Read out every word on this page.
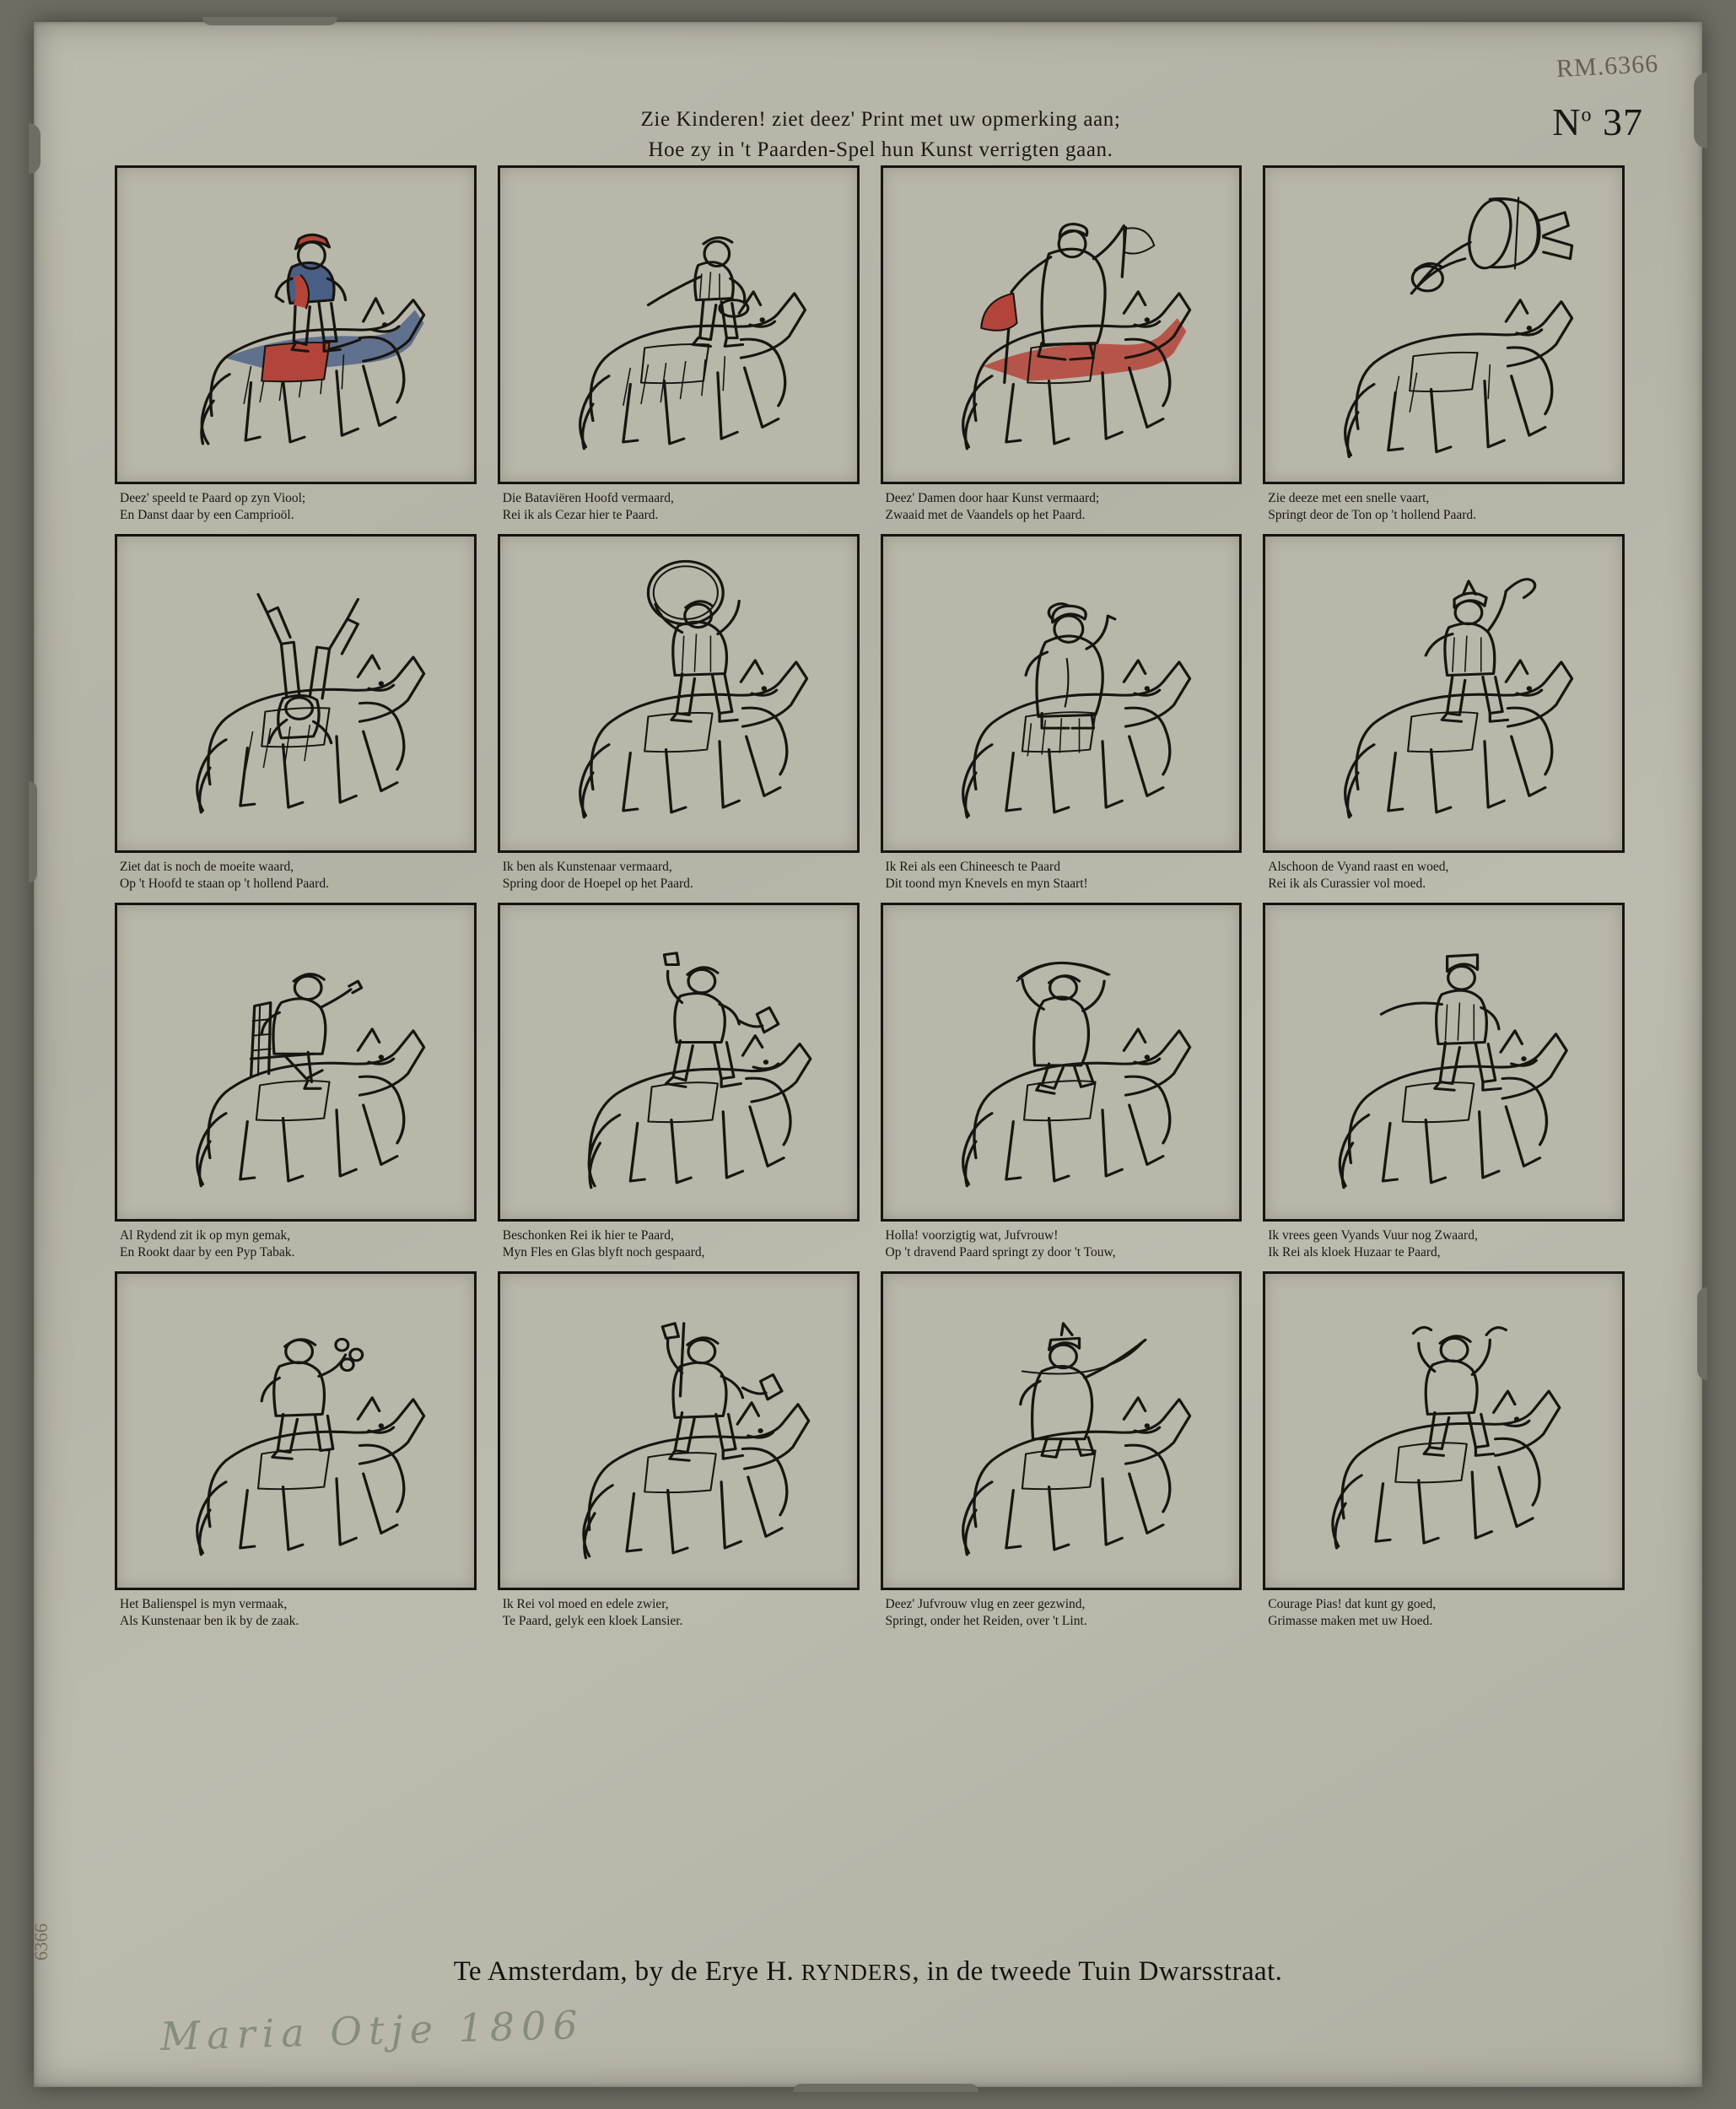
RM.6366
$N^o$ 37
Zie Kinderen! ziet deez' Print met uw opmerking aan;
Hoe zy in 't Paarden-Spel hun Kunst verrigten gaan.
Deez' speeld te Paard op zyn Viool;
En Danst daar by een Camprioöl.
Die Bataviëren Hoofd vermaard,
Rei ik als Cezar hier te Paard.
Deez' Damen door haar Kunst vermaard;
Zwaaid met de Vaandels op het Paard.
Zie deeze met een snelle vaart,
Springt deor de Ton op 't hollend Paard.
Ziet dat is noch de moeite waard,
Op 't Hoofd te staan op 't hollend Paard.
Ik ben als Kunstenaar vermaard,
Spring door de Hoepel op het Paard.
Ik Rei als een Chineesch te Paard
Dit toond myn Knevels en myn Staart!
Alschoon de Vyand raast en woed,
Rei ik als Curassier vol moed.
Al Rydend zit ik op myn gemak,
En Rookt daar by een Pyp Tabak.
Beschonken Rei ik hier te Paard,
Myn Fles en Glas blyft noch gespaard,
Holla! voorzigtig wat, Jufvrouw!
Op 't dravend Paard springt zy door 't Touw,
Ik vrees geen Vyands Vuur nog Zwaard,
Ik Rei als kloek Huzaar te Paard,
Het Balienspel is myn vermaak,
Als Kunstenaar ben ik by de zaak.
Ik Rei vol moed en edele zwier,
Te Paard, gelyk een kloek Lansier.
Deez' Jufvrouw vlug en zeer gezwind,
Springt, onder het Reiden, over 't Lint.
Courage Pias! dat kunt gy goed,
Grimasse maken met uw Hoed.
Te Amsterdam, by de Erye H. RYNDERS, in de tweede Tuin Dwarsstraat.
Maria Otje 1806
6366
